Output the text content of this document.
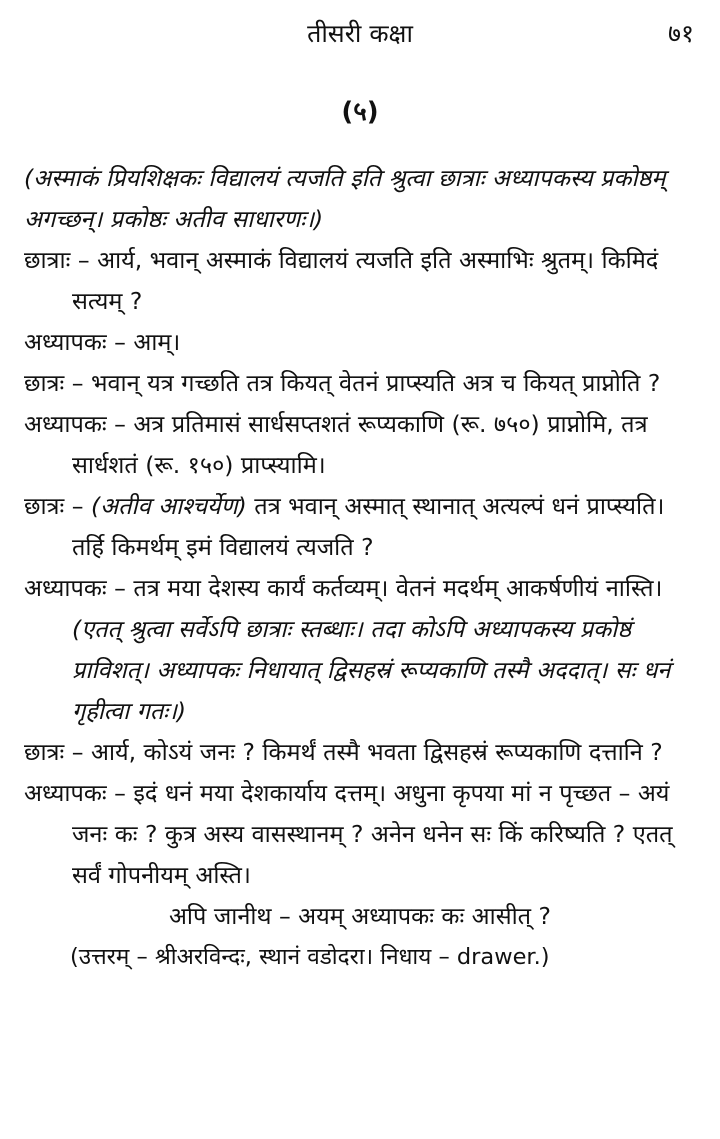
तीसरी कक्षा	७१
(५)

(अस्माकं प्रियशिक्षकः विद्यालयं त्यजति इति श्रुत्वा छात्राः अध्यापकस्य प्रकोष्ठम् अगच्छन्। प्रकोष्ठः अतीव साधारणः।)

छात्राः – आर्य, भवान् अस्माकं विद्यालयं त्यजति इति अस्माभिः श्रुतम्। किमिदं सत्यम् ?

अध्यापकः – आम्।

छात्रः – भवान् यत्र गच्छति तत्र कियत् वेतनं प्राप्स्यति अत्र च कियत् प्राप्नोति ?

अध्यापकः – अत्र प्रतिमासं सार्धसप्तशतं रूप्यकाणि (रू. ७५०) प्राप्नोमि, तत्र सार्धशतं (रू. १५०) प्राप्स्यामि।

छात्रः – (अतीव आश्चर्येण) तत्र भवान् अस्मात् स्थानात् अत्यल्पं धनं प्राप्स्यति। तर्हि किमर्थम् इमं विद्यालयं त्यजति ?

अध्यापकः – तत्र मया देशस्य कार्यं कर्तव्यम्। वेतनं मदर्थम् आकर्षणीयं नास्ति।

(एतत् श्रुत्वा सर्वेऽपि छात्राः स्तब्धाः। तदा कोऽपि अध्यापकस्य प्रकोष्ठं प्राविशत्। अध्यापकः निधायात् द्विसहस्रं रूप्यकाणि तस्मै अददात्। सः धनं गृहीत्वा गतः।)

छात्रः – आर्य, कोऽयं जनः ? किमर्थं तस्मै भवता द्विसहस्रं रूप्यकाणि दत्तानि ?

अध्यापकः – इदं धनं मया देशकार्याय दत्तम्। अधुना कृपया मां न पृच्छत – अयं जनः कः ? कुत्र अस्य वासस्थानम् ? अनेन धनेन सः किं करिष्यति ? एतत् सर्वं गोपनीयम् अस्ति।

अपि जानीथ – अयम् अध्यापकः कः आसीत् ?

(उत्तरम् – श्रीअरविन्दः, स्थानं वडोदरा। निधाय – drawer.)
